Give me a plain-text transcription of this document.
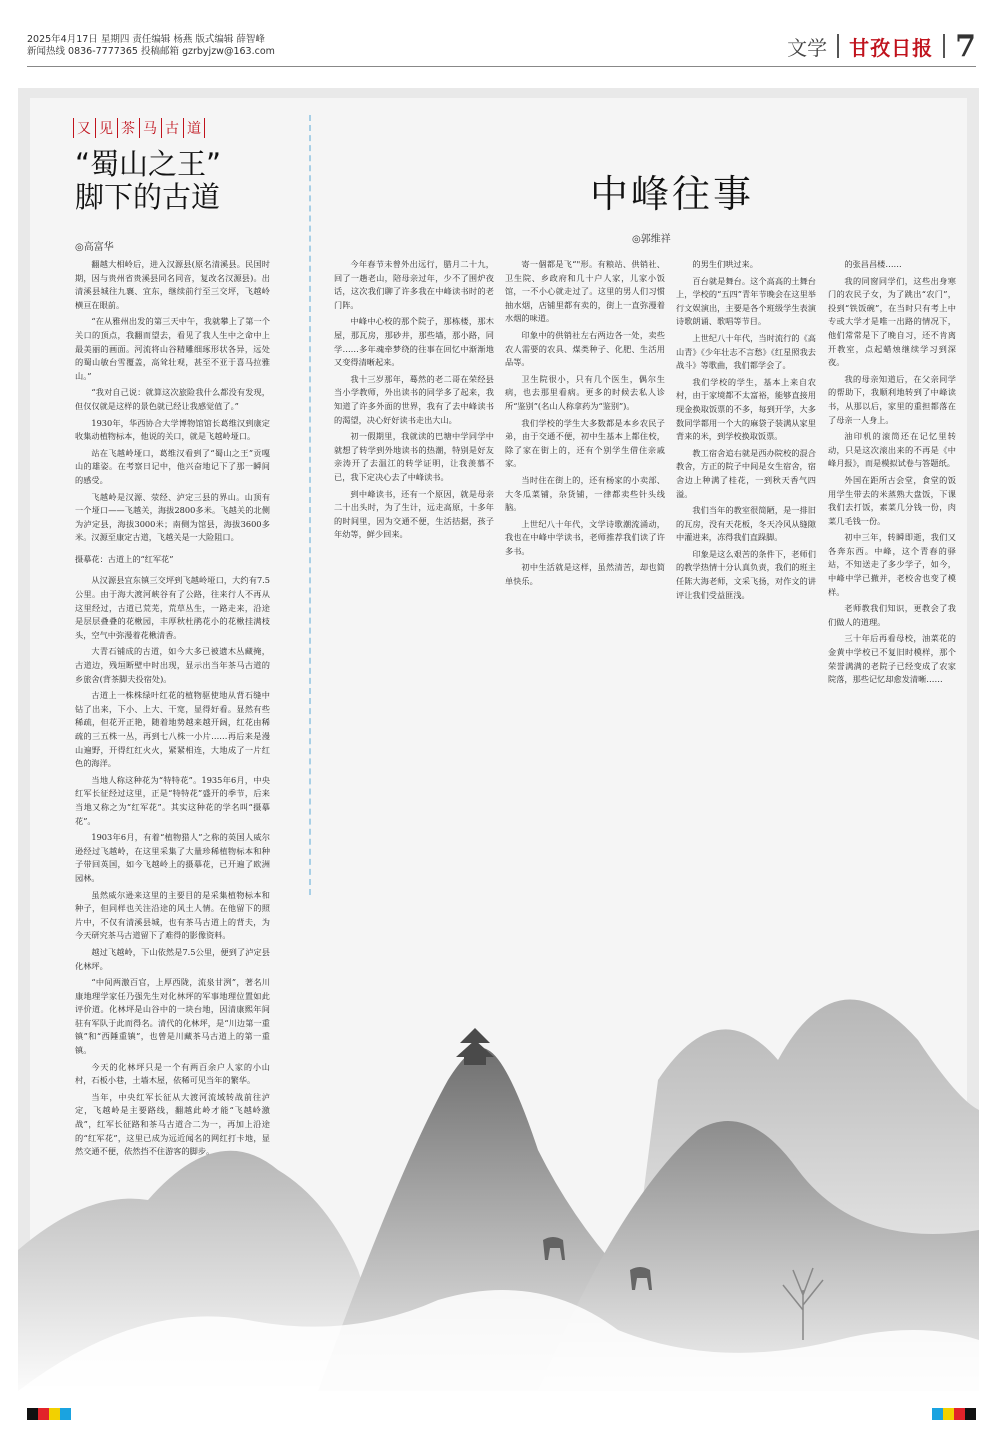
2025年4月17日 星期四 责任编辑 杨燕 版式编辑 薛智峰
新闻热线 0836-7777365 投稿邮箱 gzrbyjzw@163.com	文学 甘孜日报 7
又 见 茶 马 古 道
“蜀山之王”
脚下的古道
◎高富华

翻越大相岭后，进入汉源县(原名清溪县。民国时期，因与贵州省贵溪县同名同音，复改名汉源县)。出清溪县城往九襄、宜东，继续前行至三交坪，飞越岭横亘在眼前。

“在从雅州出发的第三天中午，我就攀上了第一个关口的顶点，我翻而望去，看见了我人生中之命中上最美丽的画面。河流将山谷精雕细琢形状各异，远处的蜀山敏台雪覆盖，高耸壮观，甚至不亚于喜马拉雅山。”

“我对自己说：就算这次旅险我什么都没有发现，但仅仅就是这样的景色就已经让我感觉值了。”

1930年，华西协合大学博物馆馆长葛维汉到康定收集动植物标本，他说的关口，就是飞越岭垭口。

站在飞越岭垭口，葛维汉看到了“蜀山之王”贡嘎山的雄姿。在考察日记中，他兴奋地记下了那一瞬间的感受。

飞越岭是汉源、荥经、泸定三县的界山。山顶有一个垭口——飞越关，海拔2800多米。飞越关的北侧为泸定县，海拔3000米；南侧为馆县，海拔3600多米。汉源至康定古道，飞越关是一大险阻口。

摄摹花：古道上的“红军花”

从汉源县宜东镇三交坪到飞越岭垭口，大约有7.5公里。由于海大渡河峡谷有了公路，往来行人不再从这里经过，古道已荒芜，荒草丛生，一路走来，沿途是层层叠叠的花楸园，丰厚秋杜鹃花小的花楸挂满枝头，空气中弥漫着花楸清香。

大青石铺成的古道，如今大多已被遗木丛藏掩，古道边，残垣断壁中时出现，显示出当年茶马古道的乡旅舍(背茶脚夫投宿处)。

古道上一株株绿叶红花的植物驱使地从背石缝中钻了出来，下小、上大、干宽，显得好看。显然有些稀疏，但花开正艳，随着地势越来越开阔，红花由稀疏的三五株一丛，再到七八株一小片……再后来是漫山遍野，开得红红火火，紧紧相连，大地成了一片红色的海洋。

当地人称这种花为“特特花”。1935年6月，中央红军长征经过这里，正是“特特花”盛开的季节，后来当地又称之为“红军花”。其实这种花的学名叫“摄摹花”。

1903年6月，有着“植物猎人”之称的英国人威尔逊经过飞越岭，在这里采集了大量珍稀植物标本和种子带回英国，如今飞越岭上的摄摹花，已开遍了欧洲园林。

虽然威尔逊来这里的主要目的是采集植物标本和种子，但同样也关注沿途的风土人情。在他留下的照片中，不仅有清溪县城，也有茶马古道上的背夫，为今天研究茶马古道留下了难得的影像资料。

越过飞越岭，下山依然是7.5公里，便到了泸定县化林坪。

“中间两激百官，上厚西陇，流泉甘洌”，著名川康地理学家任乃强先生对化林坪的军事地理位置如此评价道。化林坪是山谷中的一块台地，因清康熙年间驻有军队于此而得名。清代的化林坪，是“川边第一重镇”和“西陲重镇”，也曾是川藏茶马古道上的第一重镇。

今天的化林坪只是一个有两百余户人家的小山村，石板小巷，土墙木屋，依稀可见当年的繁华。

当年，中央红军长征从大渡河流域转战前往泸定，飞越岭是主要路线，翻越此岭才能“飞越岭激战”，红军长征路和茶马古道合二为一，再加上沿途的“红军花”，这里已成为远近闻名的网红打卡地，显然交通不便，依然挡不住游客的脚步。

中峰往事
◎郭维祥

今年春节未曾外出远行，腊月二十九，回了一趟老山，陪母亲过年，少不了围炉夜话，这次我们聊了许多我在中峰读书时的老门阵。

中峰中心校的那个院子，那栋楼，那木屋，那瓦房，那砂井，那些墙，那小路，同学……多年魂牵梦绕的往事在回忆中渐渐地又变得清晰起来。

我十三岁那年，蓦然的老二哥在荣经县当小学教师，外出读书的同学多了起来，我知道了许多外面的世界，我有了去中峰读书的渴望，决心好好读书走出大山。

初一假期里，我就读的巴塘中学同学中就想了转学到外地读书的热潮，特别是好友亲涛开了去温江的转学证明，让我羡慕不已，我下定决心去了中峰读书。

到中峰读书，还有一个原因，就是母亲二十出头时，为了生计，远走高原，十多年的时间里，因为交通不便，生活拮据，孩子年幼等，鲜少回来。

寄一個都是飞“"形。有粮站、供销社、卫生院、乡政府和几十户人家，儿家小饭馆，一不小心就走过了。这里的男人们习惯抽水烟，店铺里都有卖的，街上一直弥漫着水烟的味道。

印象中的供销社左右两边各一处，卖些农人需要的农具、煤类种子、化肥、生活用品等。

卫生院很小，只有几个医生，偶尔生病，也去那里看病。更多的时候去私人诊所“鉴别”(名山人称拿药为“鉴别”)。

我们学校的学生大多数都是本乡农民子弟，由于交通不便，初中生基本上都住校，除了家在街上的，还有个别学生借住亲戚家。

当时住在街上的，还有杨家的小卖部、大冬瓜菜铺，杂货铺，一律都卖些针头线脑。

上世纪八十年代，文学诗歌潮流涌动，我也在中峰中学读书，老师推荐我们读了许多书。

初中生活就是这样，虽然清苦，却也简单快乐。

的男生们哄过来。

百台就是舞台。这个高高的土舞台上，学校的“五四”青年节晚会在这里举行文娱演出，主要是各个班级学生表演诗歌朗诵、歌唱等节目。

上世纪八十年代，当时流行的《高山青》《少年壮志不言愁》《红星照我去战斗》等歌曲，我们都学会了。

我们学校的学生，基本上来自农村，由于家境都不太富裕，能够直接用现金换取饭票的不多，每到开学，大多数同学都用一个大的麻袋子装满从家里背来的米，到学校换取饭票。

教工宿舍追右就是西办院校的混合教舍，方正的院子中间是女生宿舍，宿舍边上种满了桂花，一到秋天香气四溢。

我们当年的教室很简陋，是一排旧的瓦房，没有天花板，冬天冷风从缝隙中灌进来，冻得我们直跺脚。

印象是这么艰苦的条件下，老师们的教学热情十分认真负责，我们的班主任陈大海老师，文采飞扬，对作文的讲评让我们受益匪浅。

的张昌昌楼……

我的同窗同学们，这些出身寒门的农民子女，为了跳出“农门”，投到“铁饭碗”，在当时只有考上中专或大学才是唯一出路的情况下，他们常常是下了晚自习，还不肯离开教室，点起蜡烛继续学习到深夜。

我的母亲知道后，在父亲同学的帮助下，我顺利地转到了中峰读书，从那以后，家里的重担都落在了母亲一人身上。

油印机的滚筒还在记忆里转动，只是这次滚出来的不再是《中峰月报》，而是模拟试卷与答题纸。

外国在距所古会堂，食堂的饭用学生带去的米蒸熟大盘饭，下课我们去打饭，素菜几分钱一份，肉菜几毛钱一份。

初中三年，转瞬即逝，我们又各奔东西。中峰，这个青春的驿站，不知送走了多少学子，如今，中峰中学已撤并，老校舍也变了模样。

老师教我们知识，更教会了我们做人的道理。

三十年后再看母校，油菜花的金黄中学校已不复旧时模样，那个荣誉满满的老院子已经变成了农家院落，那些记忆却愈发清晰……
